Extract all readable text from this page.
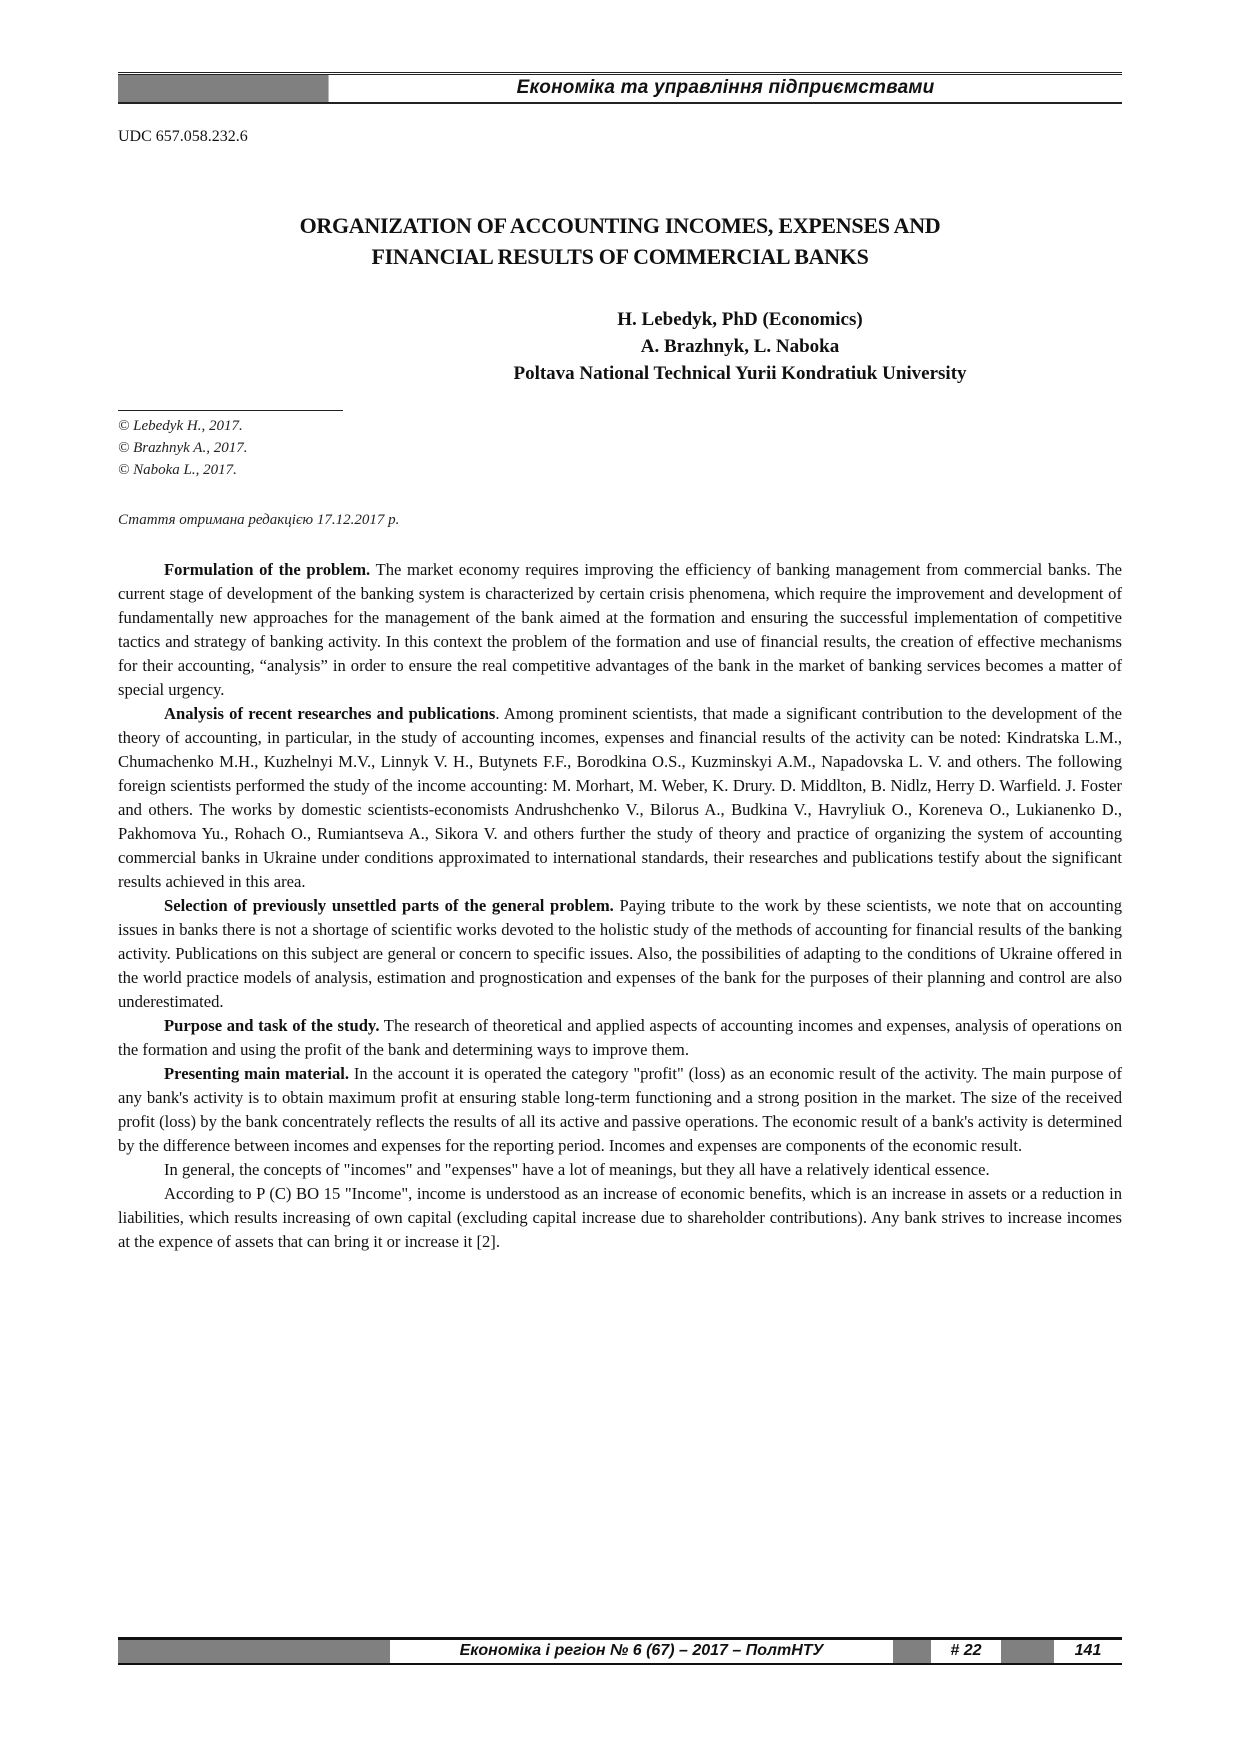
Економіка та управління підприємствами
UDC 657.058.232.6
ORGANIZATION OF ACCOUNTING INCOMES, EXPENSES AND
FINANCIAL RESULTS OF COMMERCIAL BANKS
H. Lebedyk, PhD (Economics)
A. Brazhnyk, L. Naboka
Poltava National Technical Yurii Kondratiuk University
© Lebedyk H., 2017.
© Brazhnyk A., 2017.
© Naboka L., 2017.
Стаття отримана редакцією 17.12.2017 р.

Formulation of the problem. The market economy requires improving the efficiency of banking management from commercial banks. The current stage of development of the banking system is characterized by certain crisis phenomena, which require the improvement and development of fundamentally new approaches for the management of the bank aimed at the formation and ensuring the successful implementation of competitive tactics and strategy of banking activity. In this context the problem of the formation and use of financial results, the creation of effective mechanisms for their accounting, “analysis” in order to ensure the real competitive advantages of the bank in the market of banking services becomes a matter of special urgency.

Analysis of recent researches and publications. Among prominent scientists, that made a significant contribution to the development of the theory of accounting, in particular, in the study of accounting incomes, expenses and financial results of the activity can be noted: Kindratska L.M., Chumachenko M.H., Kuzhelnyi M.V., Linnyk V. H., Butynets F.F., Borodkina O.S., Kuzminskyi A.M., Napadovska L. V. and others. The following foreign scientists performed the study of the income accounting: M. Morhart, M. Weber, K. Drury. D. Middlton, B. Nidlz, Herry D. Warfield. J. Foster and others. The works by domestic scientists-economists Andrushchenko V., Bilorus A., Budkina V., Havryliuk O., Koreneva O., Lukianenko D., Pakhomova Yu., Rohach O., Rumiantseva A., Sikora V. and others further the study of theory and practice of organizing the system of accounting commercial banks in Ukraine under conditions approximated to international standards, their researches and publications testify about the significant results achieved in this area.

Selection of previously unsettled parts of the general problem. Paying tribute to the work by these scientists, we note that on accounting issues in banks there is not a shortage of scientific works devoted to the holistic study of the methods of accounting for financial results of the banking activity. Publications on this subject are general or concern to specific issues. Also, the possibilities of adapting to the conditions of Ukraine offered in the world practice models of analysis, estimation and prognostication and expenses of the bank for the purposes of their planning and control are also underestimated.

Purpose and task of the study. The research of theoretical and applied aspects of accounting incomes and expenses, analysis of operations on the formation and using the profit of the bank and determining ways to improve them.

Presenting main material. In the account it is operated the category "profit" (loss) as an economic result of the activity. The main purpose of any bank's activity is to obtain maximum profit at ensuring stable long-term functioning and a strong position in the market. The size of the received profit (loss) by the bank concentrately reflects the results of all its active and passive operations. The economic result of a bank's activity is determined by the difference between incomes and expenses for the reporting period. Incomes and expenses are components of the economic result.

In general, the concepts of "incomes" and "expenses" have a lot of meanings, but they all have a relatively identical essence.

According to P (C) BO 15 "Income", income is understood as an increase of economic benefits, which is an increase in assets or a reduction in liabilities, which results increasing of own capital (excluding capital increase due to shareholder contributions). Any bank strives to increase incomes at the expence of assets that can bring it or increase it [2].

Економіка і регіон № 6 (67) – 2017 – ПолтНТУ	# 22	141
